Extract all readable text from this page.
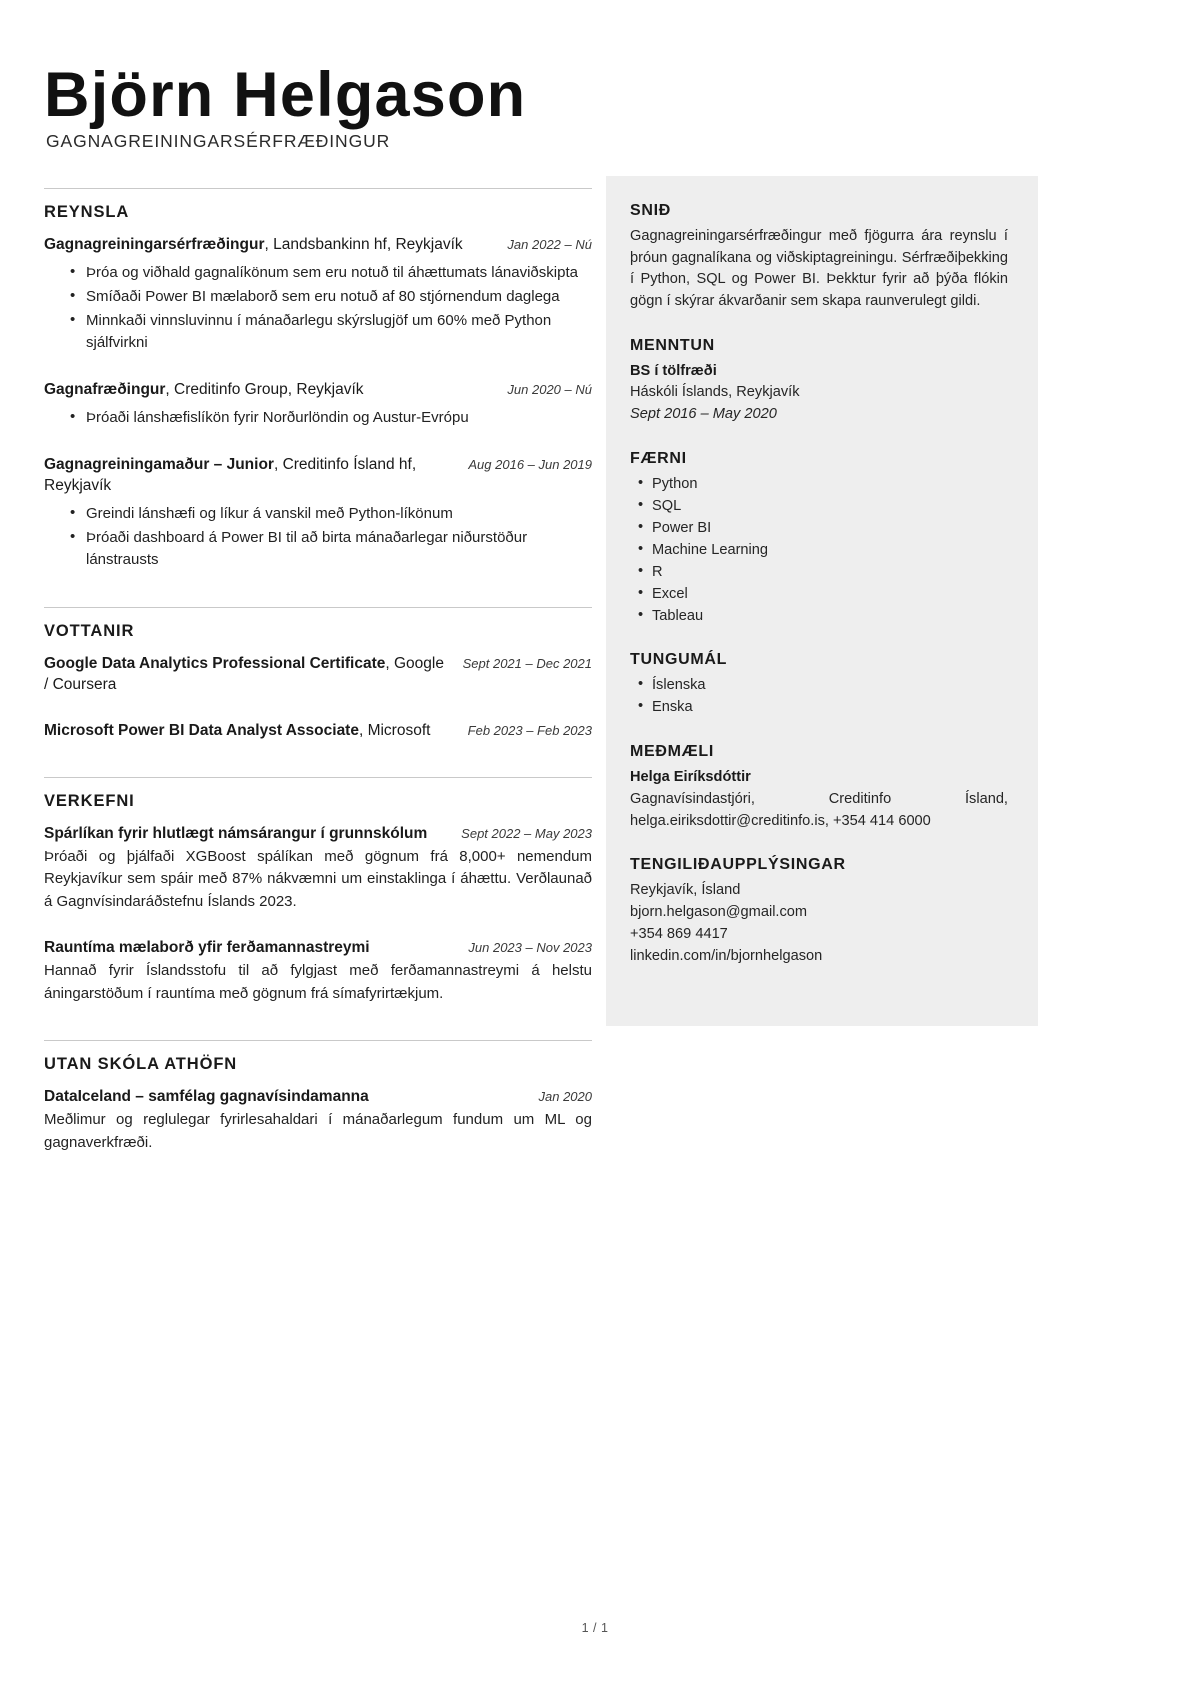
Björn Helgason
GAGNAGREININGARSÉRFRÆÐINGUR
REYNSLA
Gagnagreiningarsérfræðingur, Landsbankinn hf, Reykjavík	Jan 2022 – Nú
• Þróa og viðhald gagnalíkönum sem eru notuð til áhættumats lánaviðskipta
• Smíðaði Power BI mælaborð sem eru notuð af 80 stjórnendum daglega
• Minnkaði vinnsluvinnu í mánaðarlegu skýrslugjöf um 60% með Python sjálfvirkni
Gagnafræðingur, Creditinfo Group, Reykjavík	Jun 2020 – Nú
• Þróaði lánshæfislíkön fyrir Norðurlöndin og Austur-Evrópu
Gagnagreiningamaður – Junior, Creditinfo Ísland hf, Reykjavík
Aug 2016 – Jun 2019
• Greindi lánshæfi og líkur á vanskil með Python-líkönum
• Þróaði dashboard á Power BI til að birta mánaðarlegar niðurstöður lánstrausts
VOTTANIR
Google Data Analytics Professional Certificate, Google / Coursera
Sept 2021 – Dec 2021
Microsoft Power BI Data Analyst Associate, Microsoft	Feb 2023 – Feb 2023
VERKEFNI
Spárlíkan fyrir hlutlægt námsárangur í grunnskólum	Sept 2022 – May 2023

Þróaði og þjálfaði XGBoost spálíkan með gögnum frá 8,000+ nemendum Reykjavíkur sem spáir með 87% nákvæmni um einstaklinga í áhættu. Verðlaunað á Gagnvísindaráðstefnu Íslands 2023.

Rauntíma mælaborð yfir ferðamannastreymi	Jun 2023 – Nov 2023

Hannað fyrir Íslandsstofu til að fylgjast með ferðamannastreymi á helstu áningarstöðum í rauntíma með gögnum frá símafyrirtækjum.

UTAN SKÓLA ATHÖFN
DataIceland – samfélag gagnavísindamanna	Jan 2020

Meðlimur og reglulegar fyrirlesahaldari í mánaðarlegum fundum um ML og gagnaverkfræði.

SNIÐ
Gagnagreiningarsérfræðingur með fjögurra ára reynslu í þróun gagnalíkana og viðskiptagreiningu. Sérfræðiþekking í Python, SQL og Power BI. Þekktur fyrir að þýða flókin gögn í skýrar ákvarðanir sem skapa raunverulegt gildi.
MENNTUN
BS í tölfræði
Háskóli Íslands, Reykjavík
Sept 2016 – May 2020
FÆRNI
• Python
• SQL
• Power BI
• Machine Learning
• R
• Excel
• Tableau
TUNGUMÁL
• Íslenska
• Enska
MEÐMÆLI
Helga Eiríksdóttir
Gagnavísindastjóri, Creditinfo Ísland, helga.eiriksdottir@creditinfo.is, +354 414 6000
TENGILIÐAUPPLÝSINGAR
Reykjavík, Ísland
bjorn.helgason@gmail.com
+354 869 4417
linkedin.com/in/bjornhelgason
1 / 1
